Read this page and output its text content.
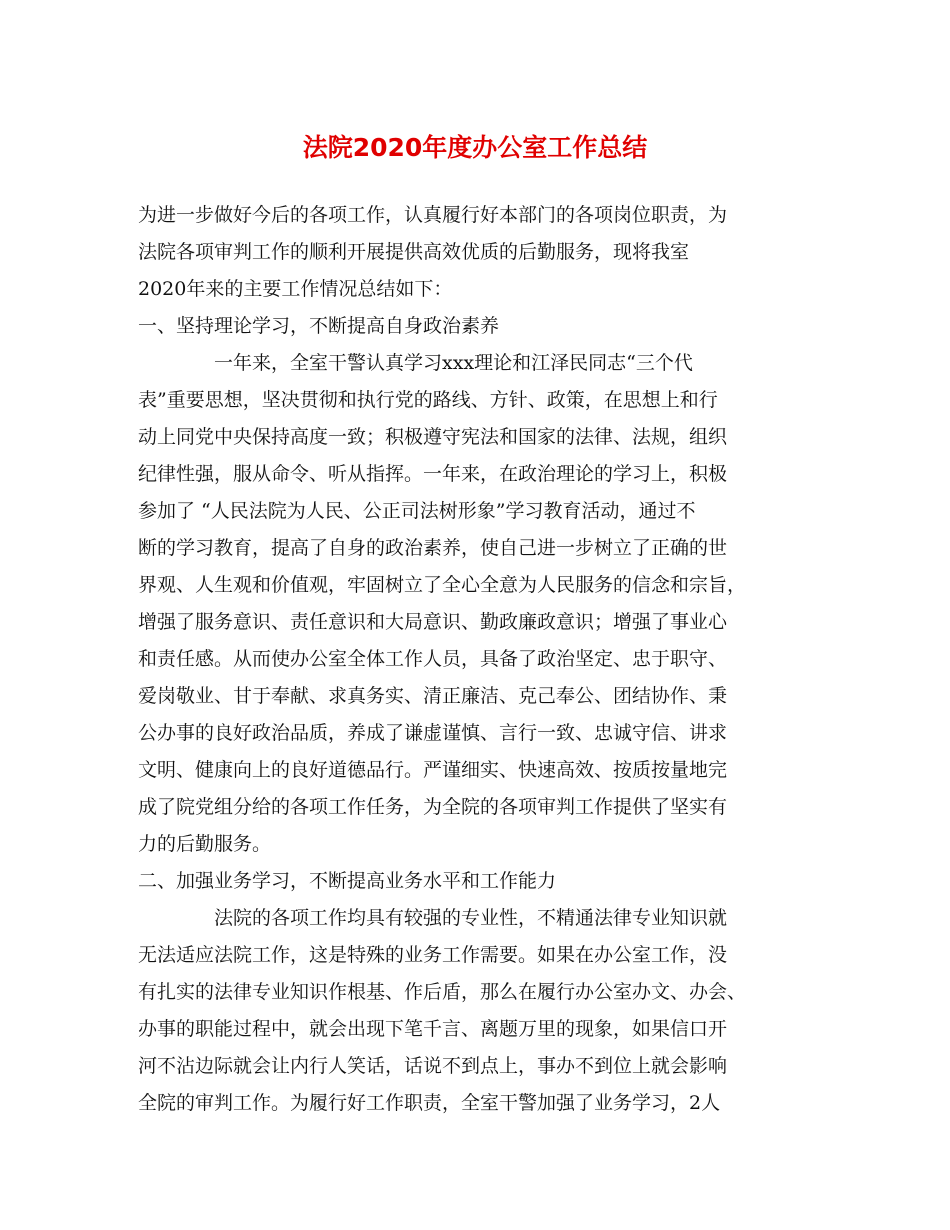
法院2020年度办公室工作总结
为进一步做好今后的各项工作，认真履行好本部门的各项岗位职责，为
法院各项审判工作的顺利开展提供高效优质的后勤服务，现将我室
2020年来的主要工作情况总结如下：
一、坚持理论学习，不断提高自身政治素养
一年来，全室干警认真学习xxx理论和江泽民同志“三个代
表”重要思想，坚决贯彻和执行党的路线、方针、政策，在思想上和行
动上同党中央保持高度一致；积极遵守宪法和国家的法律、法规，组织
纪律性强，服从命令、听从指挥。一年来，在政治理论的学习上，积极
参加了 “人民法院为人民、公正司法树形象”学习教育活动，通过不
断的学习教育，提高了自身的政治素养，使自己进一步树立了正确的世
界观、人生观和价值观，牢固树立了全心全意为人民服务的信念和宗旨，
增强了服务意识、责任意识和大局意识、勤政廉政意识；增强了事业心
和责任感。从而使办公室全体工作人员，具备了政治坚定、忠于职守、
爱岗敬业、甘于奉献、求真务实、清正廉洁、克己奉公、团结协作、秉
公办事的良好政治品质，养成了谦虚谨慎、言行一致、忠诚守信、讲求
文明、健康向上的良好道德品行。严谨细实、快速高效、按质按量地完
成了院党组分给的各项工作任务，为全院的各项审判工作提供了坚实有
力的后勤服务。
二、加强业务学习，不断提高业务水平和工作能力
法院的各项工作均具有较强的专业性，不精通法律专业知识就
无法适应法院工作，这是特殊的业务工作需要。如果在办公室工作，没
有扎实的法律专业知识作根基、作后盾，那么在履行办公室办文、办会、
办事的职能过程中，就会出现下笔千言、离题万里的现象，如果信口开
河不沾边际就会让内行人笑话，话说不到点上，事办不到位上就会影响
全院的审判工作。为履行好工作职责，全室干警加强了业务学习，2人
